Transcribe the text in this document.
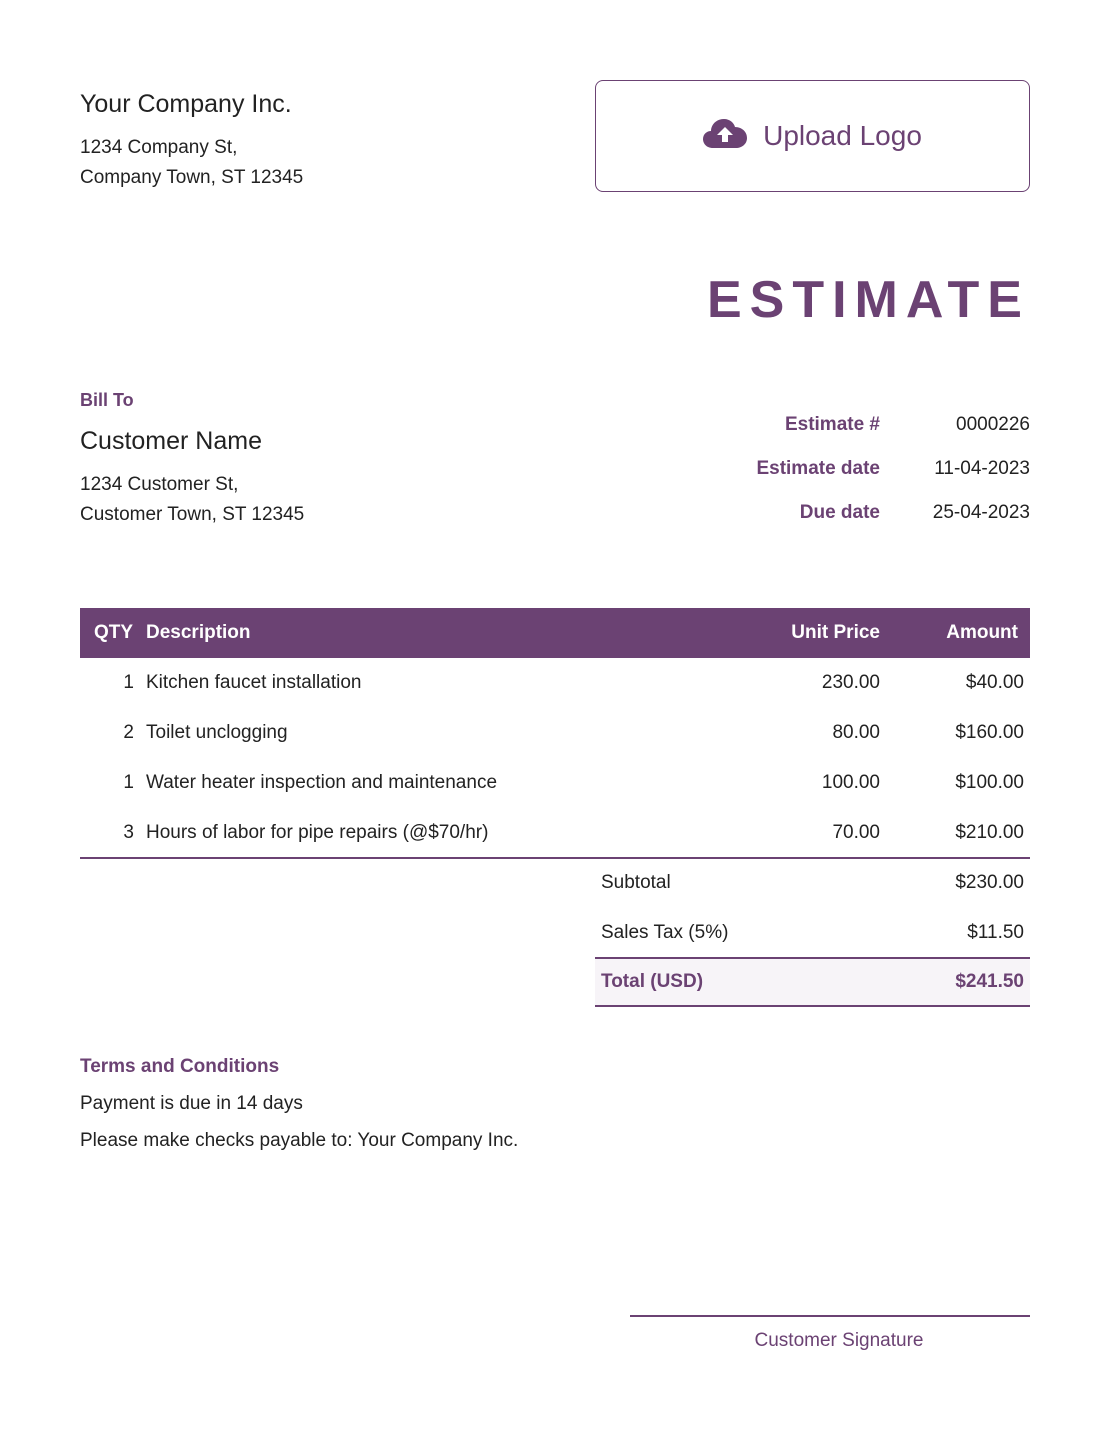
Your Company Inc.
1234 Company St,
Company Town, ST 12345
Upload Logo
ESTIMATE
Bill To
Customer Name
1234 Customer St,
Customer Town, ST 12345
Estimate #	0000226
Estimate date	11-04-2023
Due date	25-04-2023
QTY	Description	Unit Price	Amount
1	Kitchen faucet installation	230.00	$40.00
2	Toilet unclogging	80.00	$160.00
1	Water heater inspection and maintenance	100.00	$100.00
3	Hours of labor for pipe repairs (@$70/hr)	70.00	$210.00
Subtotal	$230.00
Sales Tax (5%)	$11.50
Total (USD)	$241.50
Terms and Conditions
Payment is due in 14 days
Please make checks payable to: Your Company Inc.
Customer Signature
